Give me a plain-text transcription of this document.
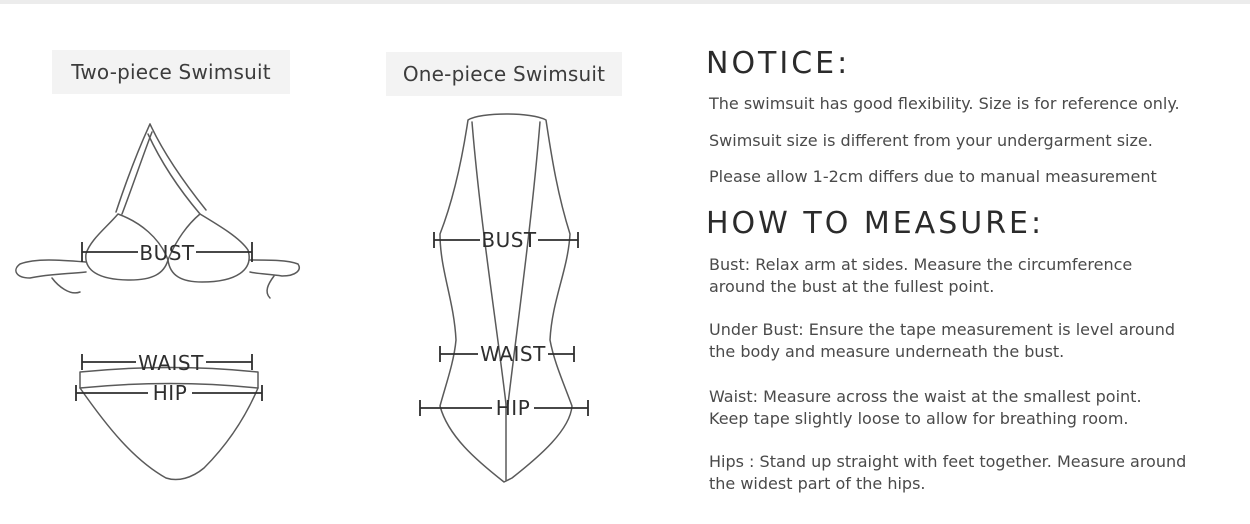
Two-piece Swimsuit
BUST
WAIST
HIP
One-piece Swimsuit
BUST
WAIST
HIP
NOTICE:

The swimsuit has good flexibility. Size is for reference only.

Swimsuit size is different from your undergarment size.

Please allow 1-2cm differs due to manual measurement

HOW TO MEASURE:
Bust: Relax arm at sides. Measure the circumference
around the bust at the fullest point.
Under Bust: Ensure the tape measurement is level around
the body and measure underneath the bust.
Waist: Measure across the waist at the smallest point.
Keep tape slightly loose to allow for breathing room.
Hips : Stand up straight with feet together. Measure around
the widest part of the hips.
